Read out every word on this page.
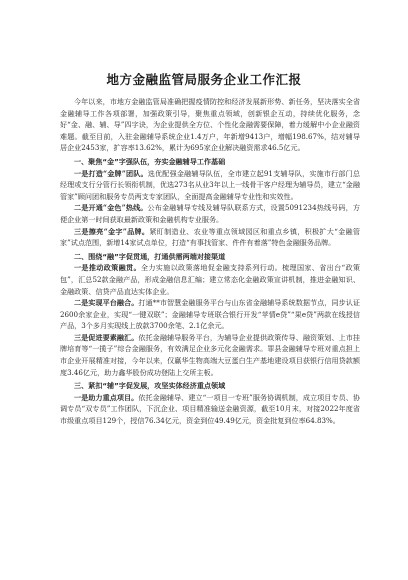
地方金融监管局服务企业工作汇报

今年以来，市地方金融监管局准确把握疫情防控和经济发展新形势、新任务，坚决落实全省金融辅导工作各项部署，加强政策引导，聚焦重点领域，创新银企互动，持续优化服务，念好“金、融、辅、导”四字诀，为企业提供全方位、个性化金融需要保障，着力缓解中小企业融资难题。截至目前，入驻金融辅导系统企业1.4万户，年新增9413户，增幅198.67%，结对辅导居企业2453家，扩容率13.62%，累计为695家企业解决融资需求46.5亿元。

一、聚焦“金”字强队伍，夯实金融辅导工作基础

一是打造“金牌”团队。选优配强金融辅导队伍，全市建立起91支辅导队，实施市行部门总经理或支行分管行长领衔机制，优选273名从业3年以上一线骨干客户经理为辅导员，建立“金融管家”顾问团和服务专员两支专家团队，全面提高金融辅导专业性和实效性。

二是开通“金色”热线。公布金融辅导专线及辅导队联系方式，设置5091234热线号码，方便企业第一时间获取最新政策和金融机构专业服务。

三是擦亮“金字”品牌。紧盯制造业、农业等重点领域园区和重点乡镇，积极扩大“金融管家”试点范围，新增14家试点单位，打造“有事找管家、件件有着落”特色金融服务品牌。

二、围绕“融”字促贯通，打通供需两端对接渠道

一是推动政策融贯。全力实施以政策落地促金融支持系列行动。梳理国家、省出台“政策包”，汇总52款金融产品，形成金融信息汇编；建立常态化金融政策宣讲机制，推进金融知识、金融政策、信贷产品直达实体企业。

二是实现平台融合。打通**市智慧金融服务平台与山东省金融辅导系统数据节点，同步认证2600余家企业，实现“一键双联”；金融辅导专班联合银行开发“苹情e贷”“果e贷”两款在线授信产品，3个多月实现线上放款3700余笔、2.1亿余元。

三是促进要素融汇。依托金融辅导服务平台，为辅导企业提供政策传导、融资策划、上市挂牌培育等“一揽子”综合金融服务，有效满足企业多元化金融需求。罪县金融辅导专班对重点担上市企业开展精准对接，今年以来，仅赢华生物高端大豆蛋白生产基地建设项目获银行信用贷款额度3.46亿元，助力鑫华股份成功登陆上交所主板。

三、紧扣“辅”字促发展，攻坚实体经济重点领域

一是助力重点项目。依托金融辅导、建立“一项目一专班”服务协调机制，成立项目专员、协调专员“双专员”工作团队，下沉企业、项目精准输送金融资源，截至10月末，对接2022年度省市级重点项目129个，授信76.34亿元，资金到位49.49亿元，资金批复到位率64.83%。
